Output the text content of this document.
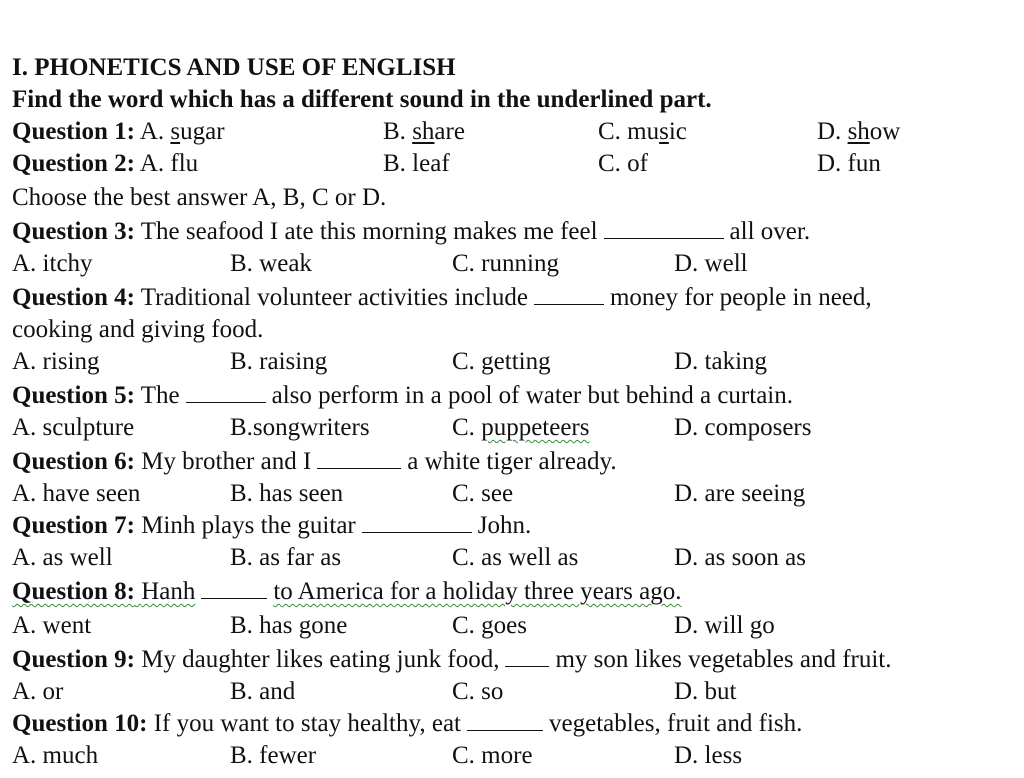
I. PHONETICS AND USE OF ENGLISH
Find the word which has a different sound in the underlined part.
Question 1: A. sugar	B. share	C. music	D. show
Question 2: A. flu	B. leaf	C. of	D. fun
Choose the best answer A, B, C or D.
Question 3: The seafood I ate this morning makes me feel	all over.
A. itchy	B. weak	C. running	D. well
Question 4: Traditional volunteer activities include	money for people in need,
cooking and giving food.
A. rising	B. raising	C. getting	D. taking
Question 5: The	also perform in a pool of water but behind a curtain.
A. sculpture	B.songwriters	C. puppeteers	D. composers
Question 6: My brother and I	a white tiger already.
A. have seen	B. has seen	C. see	D. are seeing
Question 7: Minh plays the guitar	John.
A. as well	B. as far as	C. as well as	D. as soon as
Question 8: Hanh	to America for a holiday three years ago.
A. went	B. has gone	C. goes	D. will go
Question 9: My daughter likes eating junk food, my son likes vegetables and fruit.
A. or	B. and	C. so	D. but
Question 10: If you want to stay healthy, eat	vegetables, fruit and fish.
A. much	B. fewer	C. more	D. less
